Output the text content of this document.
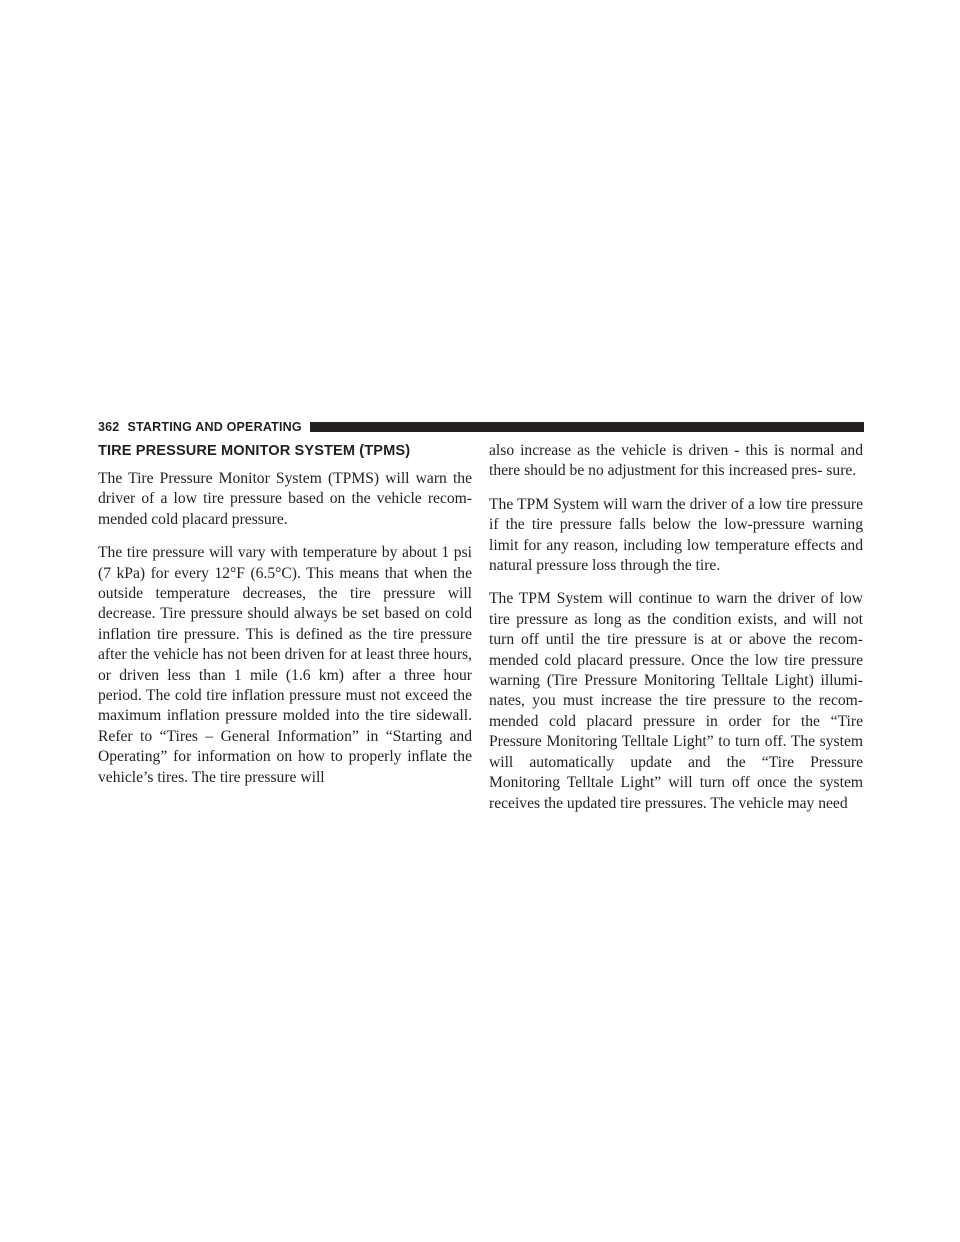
362 STARTING AND OPERATING
TIRE PRESSURE MONITOR SYSTEM (TPMS)

The Tire Pressure Monitor System (TPMS) will warn the driver of a low tire pressure based on the vehicle recom- mended cold placard pressure.

The tire pressure will vary with temperature by about 1 psi (7 kPa) for every 12°F (6.5°C). This means that when the outside temperature decreases, the tire pressure will decrease. Tire pressure should always be set based on cold inflation tire pressure. This is defined as the tire pressure after the vehicle has not been driven for at least three hours, or driven less than 1 mile (1.6 km) after a three hour period. The cold tire inflation pressure must not exceed the maximum inflation pressure molded into the tire sidewall. Refer to “Tires – General Information” in “Starting and Operating” for information on how to properly inflate the vehicle’s tires. The tire pressure will

also increase as the vehicle is driven - this is normal and there should be no adjustment for this increased pres- sure.

The TPM System will warn the driver of a low tire pressure if the tire pressure falls below the low-pressure warning limit for any reason, including low temperature effects and natural pressure loss through the tire.

The TPM System will continue to warn the driver of low tire pressure as long as the condition exists, and will not turn off until the tire pressure is at or above the recom- mended cold placard pressure. Once the low tire pressure warning (Tire Pressure Monitoring Telltale Light) illumi- nates, you must increase the tire pressure to the recom- mended cold placard pressure in order for the “Tire Pressure Monitoring Telltale Light” to turn off. The system will automatically update and the “Tire Pressure Monitoring Telltale Light” will turn off once the system receives the updated tire pressures. The vehicle may need
